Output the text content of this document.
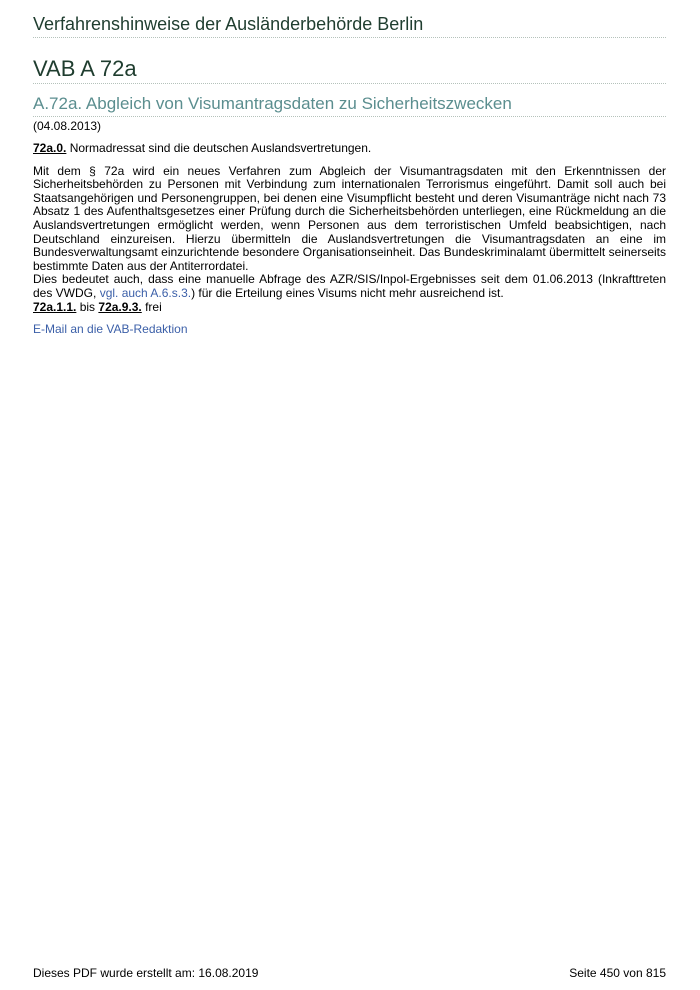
Verfahrenshinweise der Ausländerbehörde Berlin
VAB A 72a
A.72a. Abgleich von Visumantragsdaten zu Sicherheitszwecken
(04.08.2013)

72a.0. Normadressat sind die deutschen Auslandsvertretungen.

Mit dem § 72a wird ein neues Verfahren zum Abgleich der Visumantragsdaten mit den Erkenntnissen der Sicherheitsbehörden zu Personen mit Verbindung zum internationalen Terrorismus eingeführt. Damit soll auch bei Staatsangehörigen und Personengruppen, bei denen eine Visumpflicht besteht und deren Visumanträge nicht nach 73 Absatz 1 des Aufenthaltsgesetzes einer Prüfung durch die Sicherheitsbehörden unterliegen, eine Rückmeldung an die Auslandsvertretungen ermöglicht werden, wenn Personen aus dem terroristischen Umfeld beabsichtigen, nach Deutschland einzureisen. Hierzu übermitteln die Auslandsvertretungen die Visumantragsdaten an eine im Bundesverwaltungsamt einzurichtende besondere Organisationseinheit. Das Bundeskriminalamt übermittelt seinerseits bestimmte Daten aus der Antiterrordatei.
Dies bedeutet auch, dass eine manuelle Abfrage des AZR/SIS/Inpol-Ergebnisses seit dem 01.06.2013 (Inkrafttreten des VWDG, vgl. auch A.6.s.3.) für die Erteilung eines Visums nicht mehr ausreichend ist.
72a.1.1. bis 72a.9.3. frei

E-Mail an die VAB-Redaktion
Dieses PDF wurde erstellt am: 16.08.2019	Seite 450 von 815
